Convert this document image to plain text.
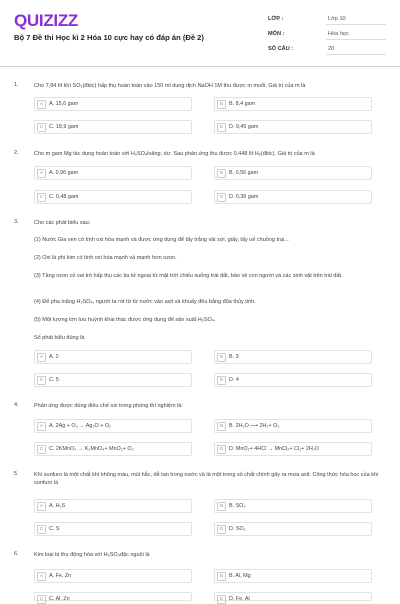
QUIZIZZ
Bộ 7 Đề thi Học kì 2 Hóa 10 cực hay có đáp án (Đề 2)
LỚP :	Lớp 10
MÔN :	Hóa học
SỐ CÂU :	20
1.	Cho 7,84 lít khí SO₂(đktc) hấp thụ hoàn toàn vào 150 ml dung dịch NaOH 1M thu được m muối. Giá trị của m là
A	A. 15,6 gam	B	B. 8,4 gam
C	C. 18,9 gam	D	D. 9,45 gam
2.	Cho m gam Mg tác dụng hoàn toàn với H₂SO₄loãng, dư. Sau phản ứng thu được 0,448 lít H₂(đktc). Giá trị của m là
A	A. 0,96 gam	B	B. 0,56 gam
C	C. 0,48 gam	D	D. 0,36 gam
3.	Cho các phát biểu sau:
(1) Nước Gia ven có tính oxi hóa mạnh và được ứng dụng để tẩy trắng vải sợi, giấy, tẩy uế chuồng trại...
(2) Oxi là phi kim có tính oxi hóa mạnh và mạnh hơn ozon.
(3) Tầng ozon có vai trò hấp thụ các tia tử ngoại từ mặt trời chiếu xuống trái đất, bảo vệ con người và các sinh vật trên trái đất.
(4) Để pha loãng H₂SO₄, người ta rót từ từ nước vào axit và khuấy đều bằng đũa thủy tinh.
(5) Một lượng lớn lưu huỳnh khai thác được ứng dụng để sản xuất H₂SO₄.
Số phát biểu đúng là
A	A. 2	B	B. 3
C	C. 5	D	D. 4
4.	Phản ứng được dùng điều chế oxi trong phòng thí nghiệm là:
A	A. 2Ag + O₃ → Ag₂O + O₂	B	B. 2H₂O ⟶ 2H₂+ O₂
C	C. 2KMnO₄ → K₂MnO₄+ MnO₂+ O₂	D	D. MnO₂+ 4HCl → MnCl₂+ Cl₂+ 2H₂O
5.	Khí sunfuro là một chất khí không màu, mùi hắc, dễ tan trong nước và là một trong số chất chính gây ra mưa axit. Công thức hóa học của khí sunfuro là
A	A. H₂S	B	B. SO₃
C	C. S	D	D. SO₂
6.	Kim loại bị thụ động hóa với H₂SO₄đặc nguội là
A	A. Fe, Zn	B	B. Al, Mg
C	C. Al, Zn	D	D. Fe, Al
